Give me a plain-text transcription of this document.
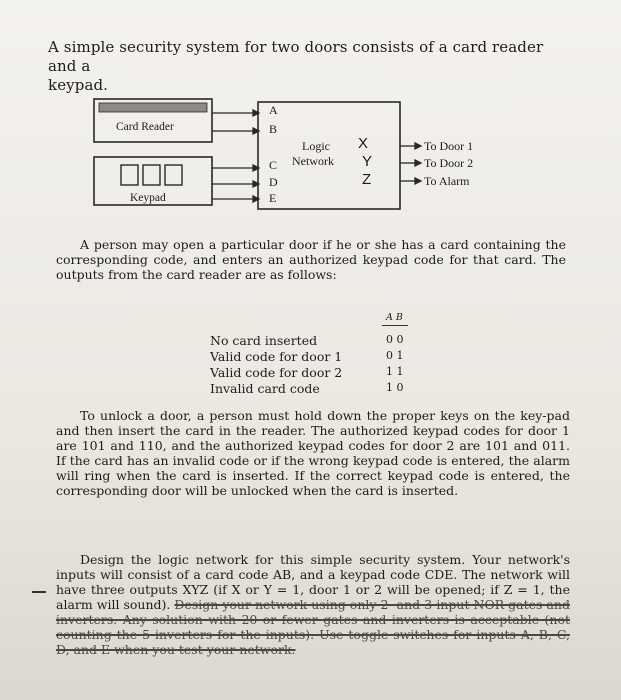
A simple security system for two doors consists of a card reader and a
keypad.
Card Reader
Keypad
A
B
C
D
E
Logic
Network
X
Y
Z
To Door 1
To Door 2
To Alarm
A person may open a particular door if he or she has a card containing the corresponding code, and enters an authorized keypad code for that card. The outputs from the card reader are as follows:
A B
No card inserted	0 0
Valid code for door 1	0 1
Valid code for door 2	1 1
Invalid card code	1 0
To unlock a door, a person must hold down the proper keys on the key-pad and then insert the card in the reader. The authorized keypad codes for door 1 are 101 and 110, and the authorized keypad codes for door 2 are 101 and 011. If the card has an invalid code or if the wrong keypad code is entered, the alarm will ring when the card is inserted. If the correct keypad code is entered, the corresponding door will be unlocked when the card is inserted.
Design the logic network for this simple security system. Your network's inputs will consist of a card code AB, and a keypad code CDE. The network will have three outputs XYZ (if X or Y = 1, door 1 or 2 will be opened; if Z = 1, the alarm will sound). Design your network using only 2- and 3-input NOR gates and inverters. Any solution with 20 or fewer gates and inverters is acceptable (not counting the 5 inverters for the inputs). Use toggle switches for inputs A, B, C, D, and E when you test your network.
